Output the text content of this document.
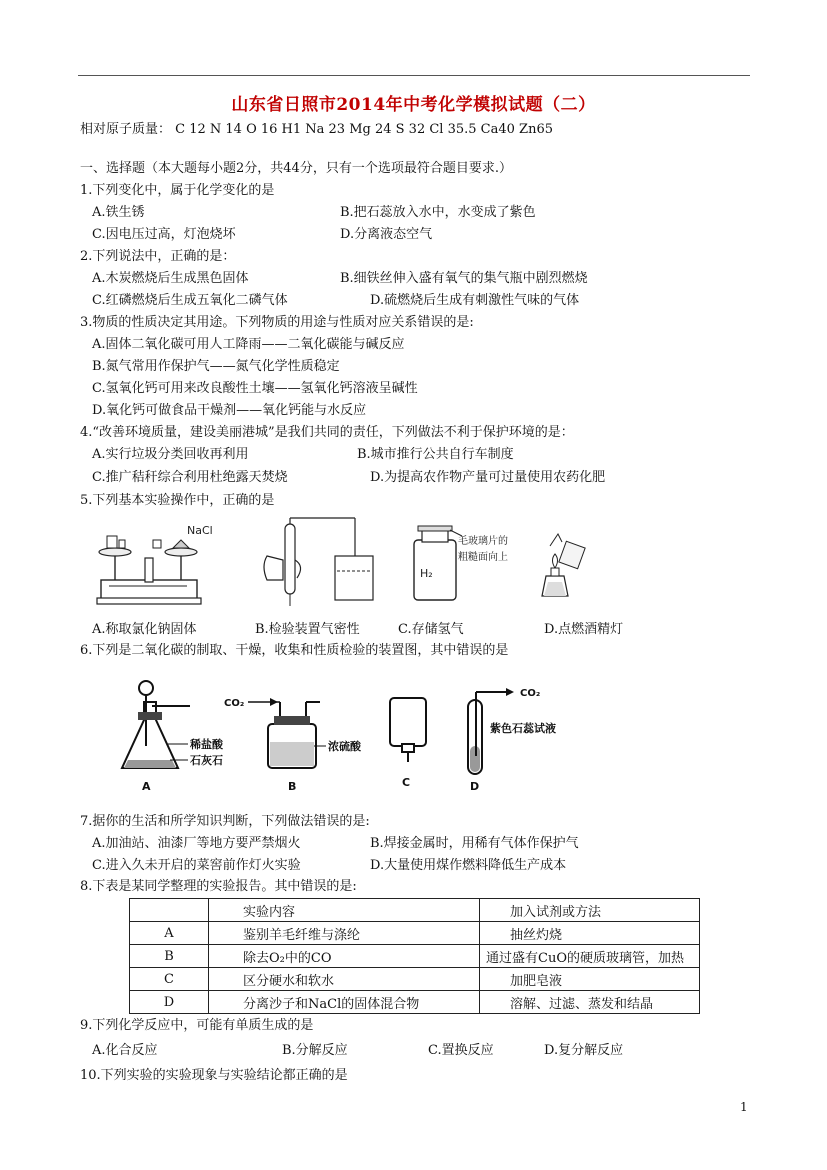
山东省日照市2014年中考化学模拟试题（二）
相对原子质量： C 12 N 14 O 16 H1 Na 23 Mg 24 S 32 Cl 35.5 Ca40 Zn65
一、选择题（本大题每小题2分，共44分，只有一个选项最符合题目要求.）
1.下列变化中，属于化学变化的是
A.铁生锈	B.把石蕊放入水中，水变成了紫色
C.因电压过高，灯泡烧坏	D.分离液态空气
2.下列说法中，正确的是：
A.木炭燃烧后生成黑色固体	B.细铁丝伸入盛有氧气的集气瓶中剧烈燃烧
C.红磷燃烧后生成五氧化二磷气体	D.硫燃烧后生成有刺激性气味的气体
3.物质的性质决定其用途。下列物质的用途与性质对应关系错误的是:
A.固体二氧化碳可用人工降雨——二氧化碳能与碱反应
B.氮气常用作保护气——氮气化学性质稳定
C.氢氧化钙可用来改良酸性土壤——氢氧化钙溶液呈碱性
D.氧化钙可做食品干燥剂——氧化钙能与水反应
4.“改善环境质量，建设美丽港城”是我们共同的责任，下列做法不利于保护环境的是：
A.实行垃圾分类回收再利用	B.城市推行公共自行车制度
C.推广秸秆综合利用杜绝露天焚烧	D.为提高农作物产量可过量使用农药化肥
5.下列基本实验操作中，正确的是
NaCl
H₂
毛玻璃片的
粗糙面向上
A.称取氯化钠固体	B.检验装置气密性	C.存储氢气	D.点燃酒精灯
6.下列是二氧化碳的制取、干燥，收集和性质检验的装置图，其中错误的是
稀盐酸
石灰石
A
CO₂
浓硫酸
B	C
CO₂
紫色石蕊试液
D
7.据你的生活和所学知识判断，下列做法错误的是:
A.加油站、油漆厂等地方要严禁烟火	B.焊接金属时，用稀有气体作保护气
C.进入久未开启的菜窖前作灯火实验	D.大量使用煤作燃料降低生产成本
8.下表是某同学整理的实验报告。其中错误的是:
	实验内容	加入试剂或方法
A	鉴别羊毛纤维与涤纶	抽丝灼烧
B	除去O₂中的CO	通过盛有CuO的硬质玻璃管，加热
C	区分硬水和软水	加肥皂液
D	分离沙子和NaCl的固体混合物	溶解、过滤、蒸发和结晶
9.下列化学反应中，可能有单质生成的是
A.化合反应	B.分解反应	C.置换反应	D.复分解反应
10.下列实验的实验现象与实验结论都正确的是
1
